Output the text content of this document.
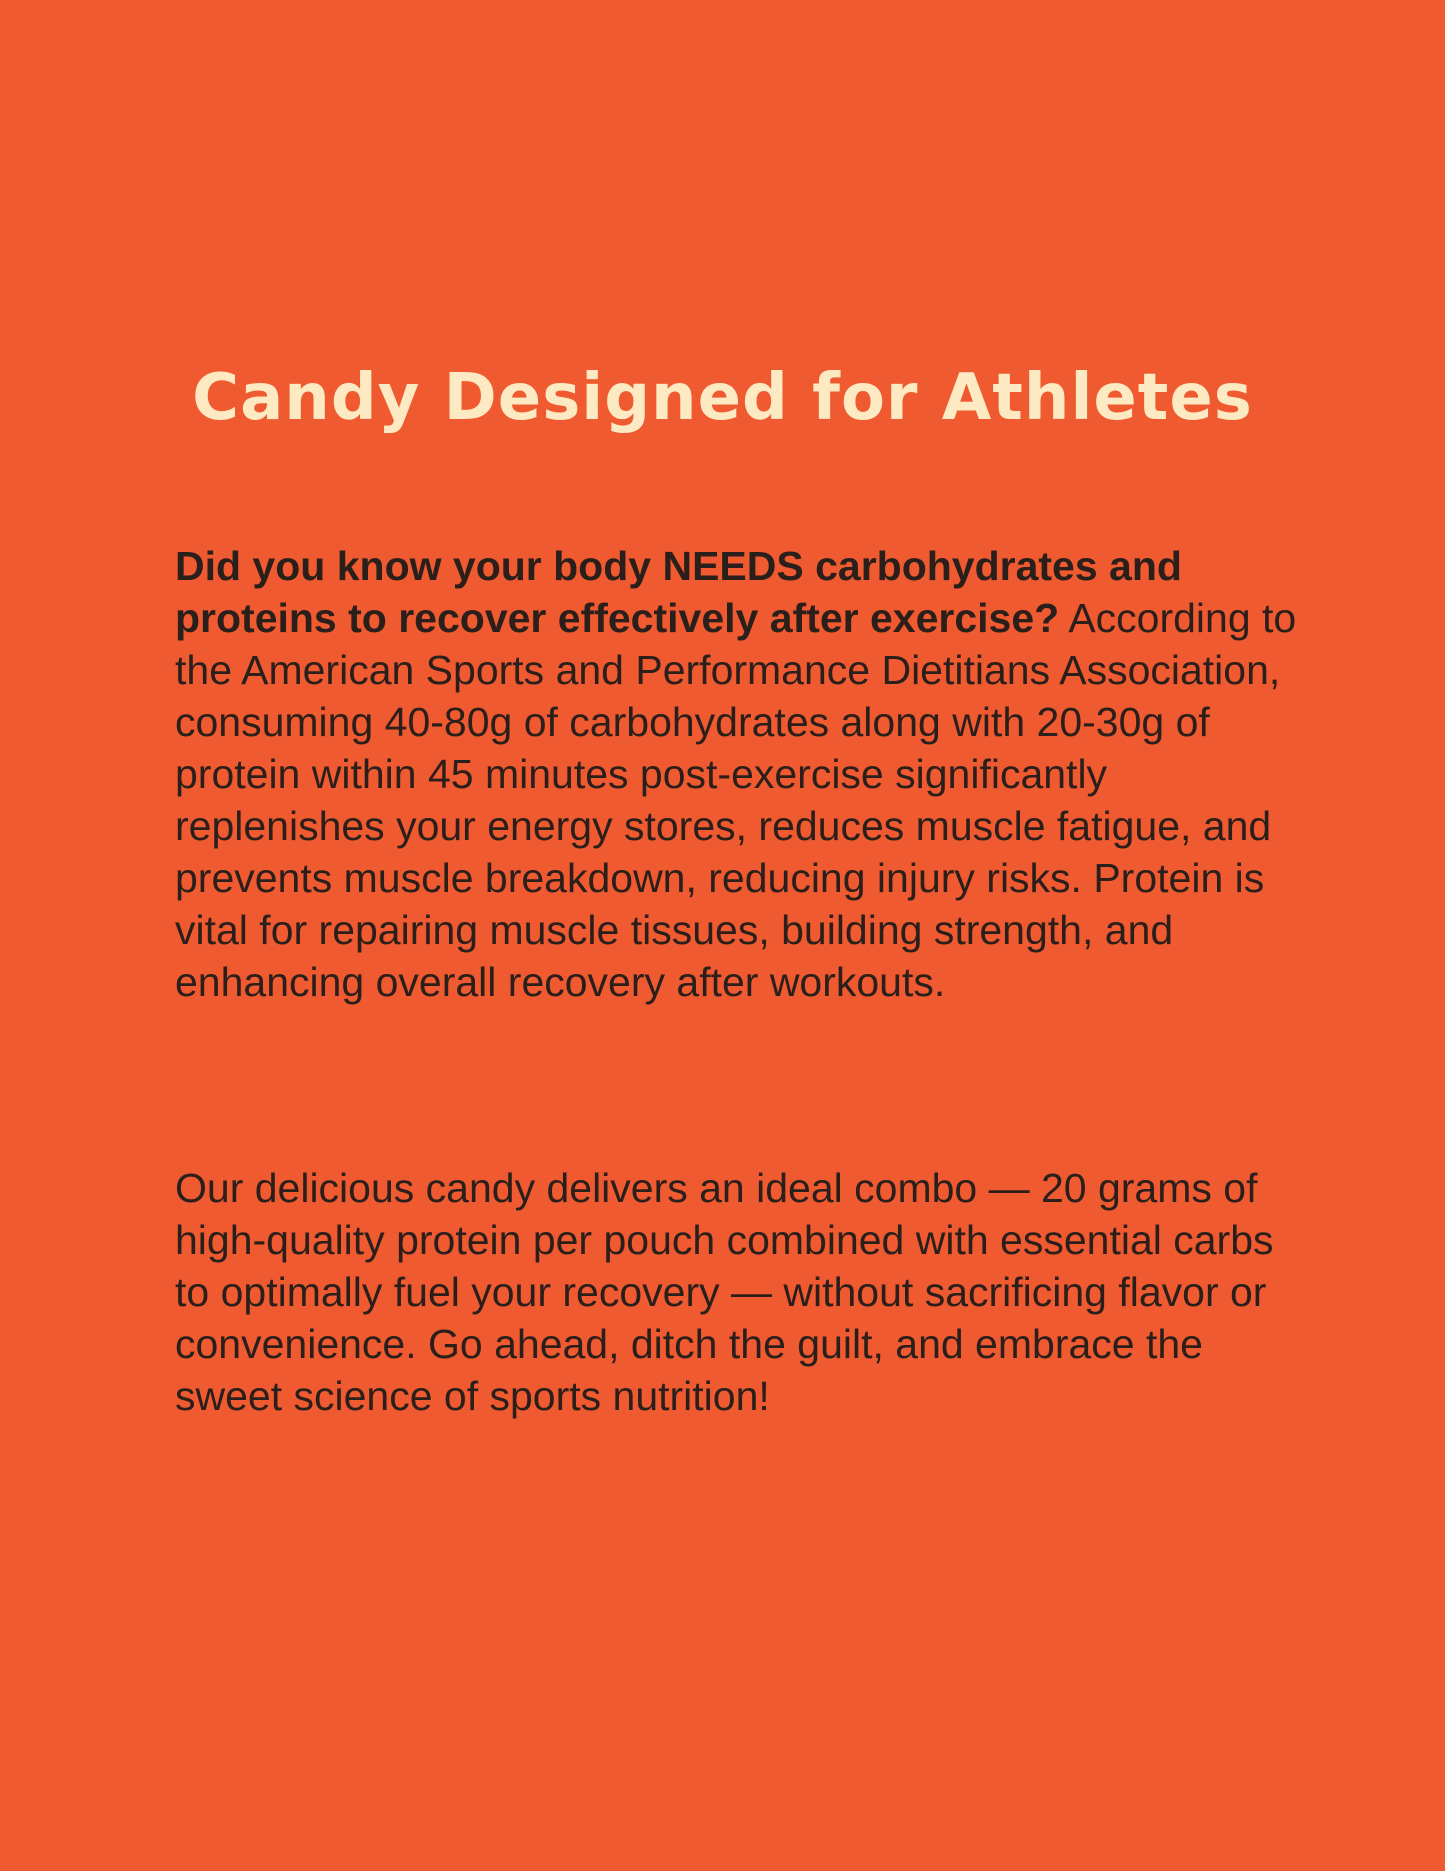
Candy Designed for Athletes

Did you know your body NEEDS carbohydrates and proteins to recover effectively after exercise? According to the American Sports and Performance Dietitians Association, consuming 40-80g of carbohydrates along with 20-30g of protein within 45 minutes post-exercise significantly replenishes your energy stores, reduces muscle fatigue, and prevents muscle breakdown, reducing injury risks. Protein is vital for repairing muscle tissues, building strength, and enhancing overall recovery after workouts.

Our delicious candy delivers an ideal combo — 20 grams of high-quality protein per pouch combined with essential carbs to optimally fuel your recovery — without sacrificing flavor or convenience. Go ahead, ditch the guilt, and embrace the sweet science of sports nutrition!
